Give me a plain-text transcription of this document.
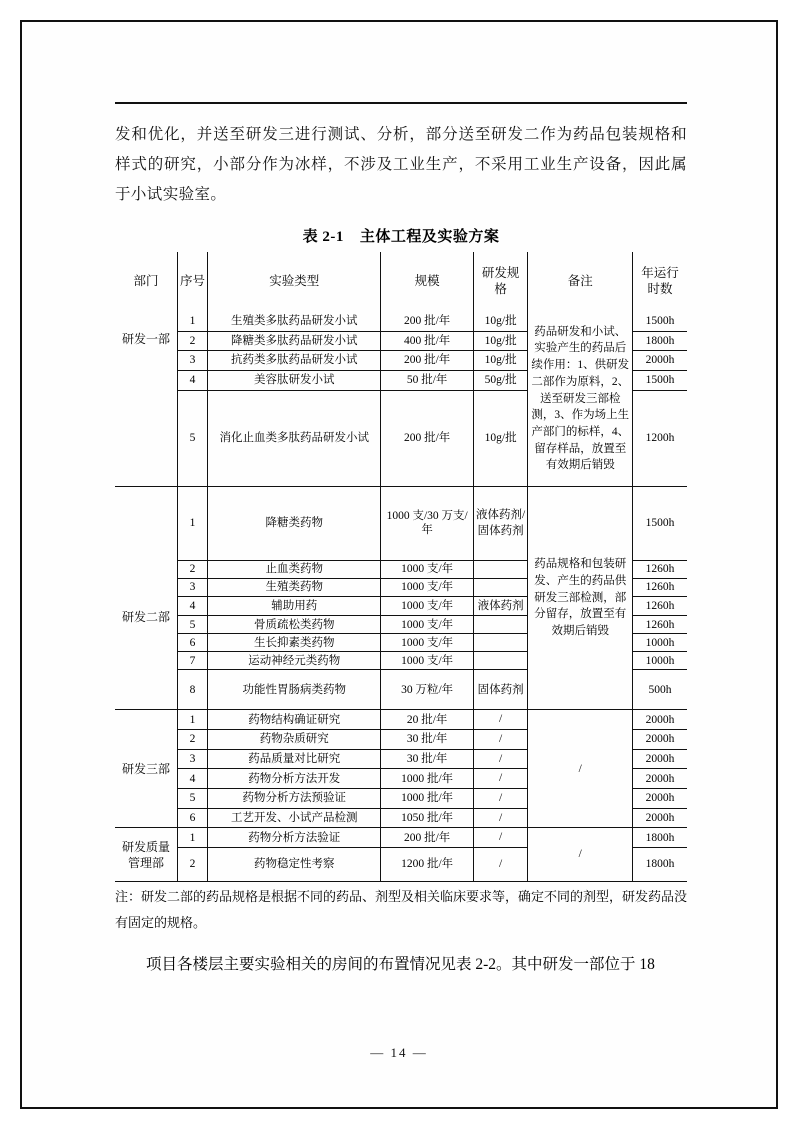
发和优化，并送至研发三进行测试、分析，部分送至研发二作为药品包装规格和样式的研究，小部分作为冰样，不涉及工业生产，不采用工业生产设备，因此属于小试实验室。

表 2-1 主体工程及实验方案
部门	序号	实验类型	规模	研发规格	备注	年运行时数
研发一部	1	生殖类多肽药品研发小试	200 批/年	10g/批	药品研发和小试、实验产生的药品后续作用：1、供研发二部作为原料，2、送至研发三部检测，3、作为场上生产部门的标样，4、留存样品，放置至有效期后销毁	1500h
	2	降糖类多肽药品研发小试	400 批/年	10g/批		1800h
	3	抗药类多肽药品研发小试	200 批/年	10g/批		2000h
	4	美容肽研发小试	50 批/年	50g/批		1500h
	5	消化止血类多肽药品研发小试	200 批/年	10g/批		1200h
研发二部	1	降糖类药物	1000 支/30 万支/年	液体药剂/固体药剂	药品规格和包装研发、产生的药品供研发三部检测，部分留存，放置至有效期后销毁	1500h
	2	止血类药物	1000 支/年			1260h
	3	生殖类药物	1000 支/年			1260h
	4	辅助用药	1000 支/年	液体药剂		1260h
	5	骨质疏松类药物	1000 支/年			1260h
	6	生长抑素类药物	1000 支/年			1000h
	7	运动神经元类药物	1000 支/年			1000h
	8	功能性胃肠病类药物	30 万粒/年	固体药剂		500h
研发三部	1	药物结构确证研究	20 批/年	/	/	2000h
	2	药物杂质研究	30 批/年	/		2000h
	3	药品质量对比研究	30 批/年	/		2000h
	4	药物分析方法开发	1000 批/年	/		2000h
	5	药物分析方法预验证	1000 批/年	/		2000h
	6	工艺开发、小试产品检测	1050 批/年	/		2000h
研发质量管理部	1	药物分析方法验证	200 批/年	/	/	1800h
	2	药物稳定性考察	1200 批/年	/		1800h

注：研发二部的药品规格是根据不同的药品、剂型及相关临床要求等，确定不同的剂型，研发药品没有固定的规格。

项目各楼层主要实验相关的房间的布置情况见表 2-2。其中研发一部位于 18

— 14 —
